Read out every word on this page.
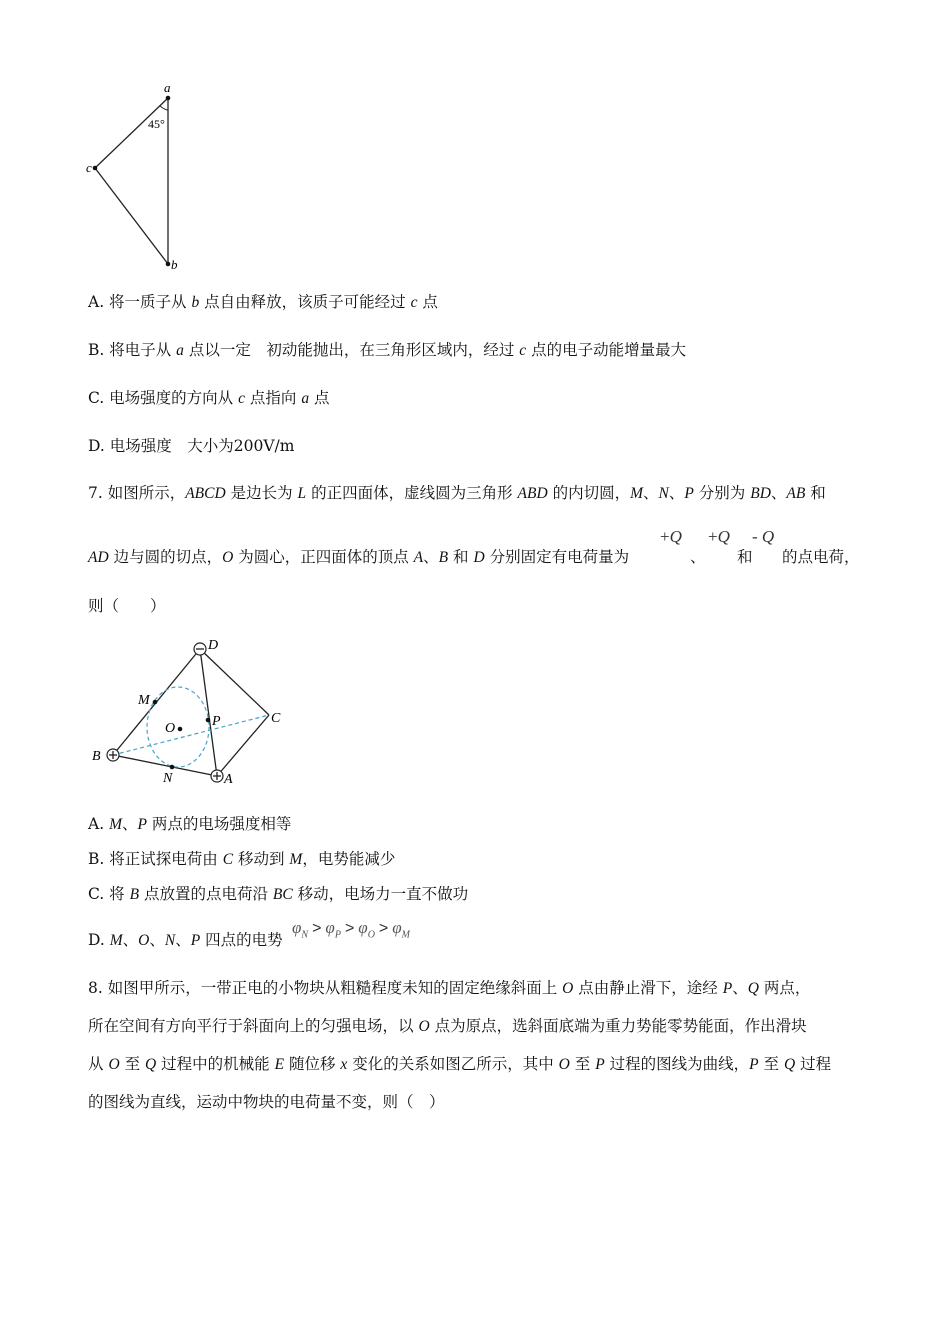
a
c
b
45°
A. 将一质子从 b 点自由释放，该质子可能经过 c 点
B. 将电子从 a 点以一定　初动能抛出，在三角形区域内，经过 c 点的电子动能增量最大
C. 电场强度的方向从 c 点指向 a 点
D. 电场强度　大小为200V/m
7. 如图所示，ABCD 是边长为 L 的正四面体，虚线圆为三角形 ABD 的内切圆，M、N、P 分别为 BD、AB 和
AD 边与圆的切点，O 为圆心，正四面体的顶点 A、B 和 D 分别固定有电荷量为	、 和 的点电荷，
+Q +Q - Q
则（　　）
D
M
O	P	C
B
N	A
A. M、P 两点的电场强度相等
B. 将正试探电荷由 C 移动到 M，电势能减少
C. 将 B 点放置的点电荷沿 BC 移动，电场力一直不做功
D. M、O、N、P 四点的电势
$\varphi_N > \varphi_P > \varphi_O > \varphi_M$
8. 如图甲所示，一带正电的小物块从粗糙程度未知的固定绝缘斜面上 O 点由静止滑下，途经 P、Q 两点，
所在空间有方向平行于斜面向上的匀强电场，以 O 点为原点，选斜面底端为重力势能零势能面，作出滑块
从 O 至 Q 过程中的机械能 E 随位移 x 变化的关系如图乙所示，其中 O 至 P 过程的图线为曲线，P 至 Q 过程
的图线为直线，运动中物块的电荷量不变，则（　）
